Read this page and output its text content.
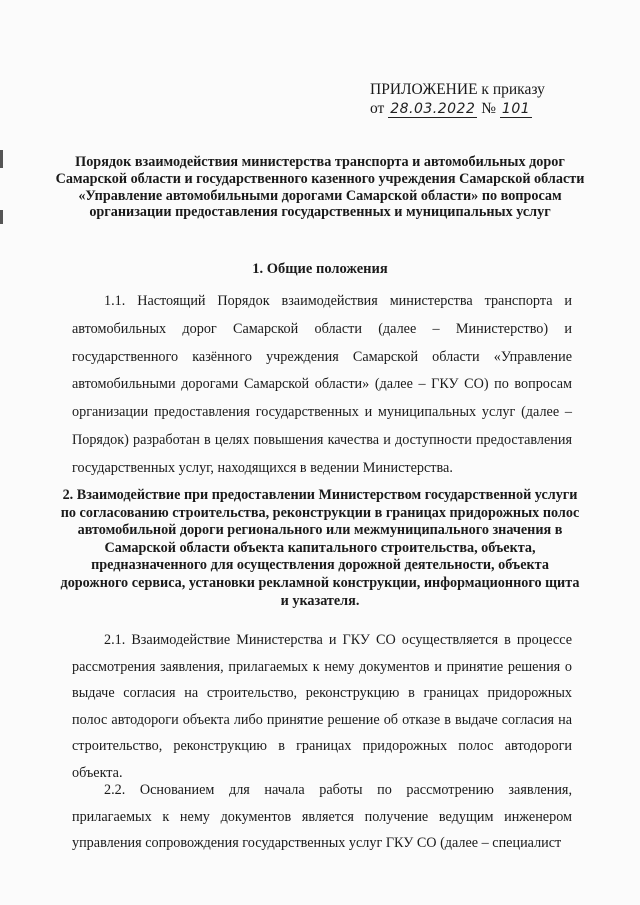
ПРИЛОЖЕНИЕ к приказу
от 28.03.2022 № 101
Порядок взаимодействия министерства транспорта и автомобильных дорог Самарской области и государственного казенного учреждения Самарской области «Управление автомобильными дорогами Самарской области» по вопросам организации предоставления государственных и муниципальных услуг
1. Общие положения
1.1. Настоящий Порядок взаимодействия министерства транспорта и автомобильных дорог Самарской области (далее – Министерство) и государственного казённого учреждения Самарской области «Управление автомобильными дорогами Самарской области» (далее – ГКУ СО) по вопросам организации предоставления государственных и муниципальных услуг (далее – Порядок) разработан в целях повышения качества и доступности предоставления государственных услуг, находящихся в ведении Министерства.
2. Взаимодействие при предоставлении Министерством государственной услуги по согласованию строительства, реконструкции в границах придорожных полос автомобильной дороги регионального или межмуниципального значения в Самарской области объекта капитального строительства, объекта, предназначенного для осуществления дорожной деятельности, объекта дорожного сервиса, установки рекламной конструкции, информационного щита и указателя.
2.1. Взаимодействие Министерства и ГКУ СО осуществляется в процессе рассмотрения заявления, прилагаемых к нему документов и принятие решения о выдаче согласия на строительство, реконструкцию в границах придорожных полос автодороги объекта либо принятие решение об отказе в выдаче согласия на строительство, реконструкцию в границах придорожных полос автодороги объекта.
2.2. Основанием для начала работы по рассмотрению заявления, прилагаемых к нему документов является получение ведущим инженером управления сопровождения государственных услуг ГКУ СО (далее – специалист
